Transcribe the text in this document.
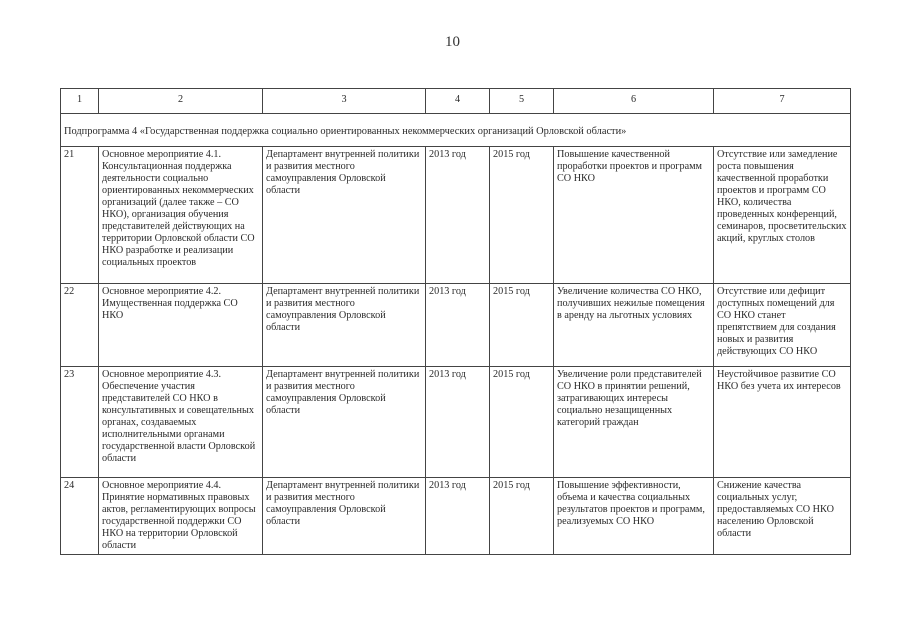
10
1	2	3	4	5	6	7
Подпрограмма 4 «Государственная поддержка социально ориентированных некоммерческих организаций Орловской области»						
21	Основное мероприятие 4.1. Консультационная поддержка деятельности социально ориентированных некоммерческих организаций (далее также – СО НКО), организация обучения представителей действующих на территории Орловской области СО НКО разработке и реализации социальных проектов	Департамент внутренней политики и развития местного самоуправления Орловской области	2013 год	2015 год	Повышение качественной проработки проектов и программ СО НКО	Отсутствие или замедление роста повышения качественной проработки проектов и программ СО НКО, количества проведенных конференций, семинаров, просветительских акций, круглых столов
22	Основное мероприятие 4.2. Имущественная поддержка СО НКО	Департамент внутренней политики и развития местного самоуправления Орловской области	2013 год	2015 год	Увеличение количества СО НКО, получивших нежилые помещения в аренду на льготных условиях	Отсутствие или дефицит доступных помещений для СО НКО станет препятствием для создания новых и развития действующих СО НКО
23	Основное мероприятие 4.3. Обеспечение участия представителей СО НКО в консультативных и совещательных органах, создаваемых исполнительными органами государственной власти Орловской области	Департамент внутренней политики и развития местного самоуправления Орловской области	2013 год	2015 год	Увеличение роли представителей СО НКО в принятии решений, затрагивающих интересы социально незащищенных категорий граждан	Неустойчивое развитие СО НКО без учета их интересов
24	Основное мероприятие 4.4. Принятие нормативных правовых актов, регламентирующих вопросы государственной поддержки СО НКО на территории Орловской области	Департамент внутренней политики и развития местного самоуправления Орловской области	2013 год	2015 год	Повышение эффективности, объема и качества социальных результатов проектов и программ, реализуемых СО НКО	Снижение качества социальных услуг, предоставляемых СО НКО населению Орловской области
